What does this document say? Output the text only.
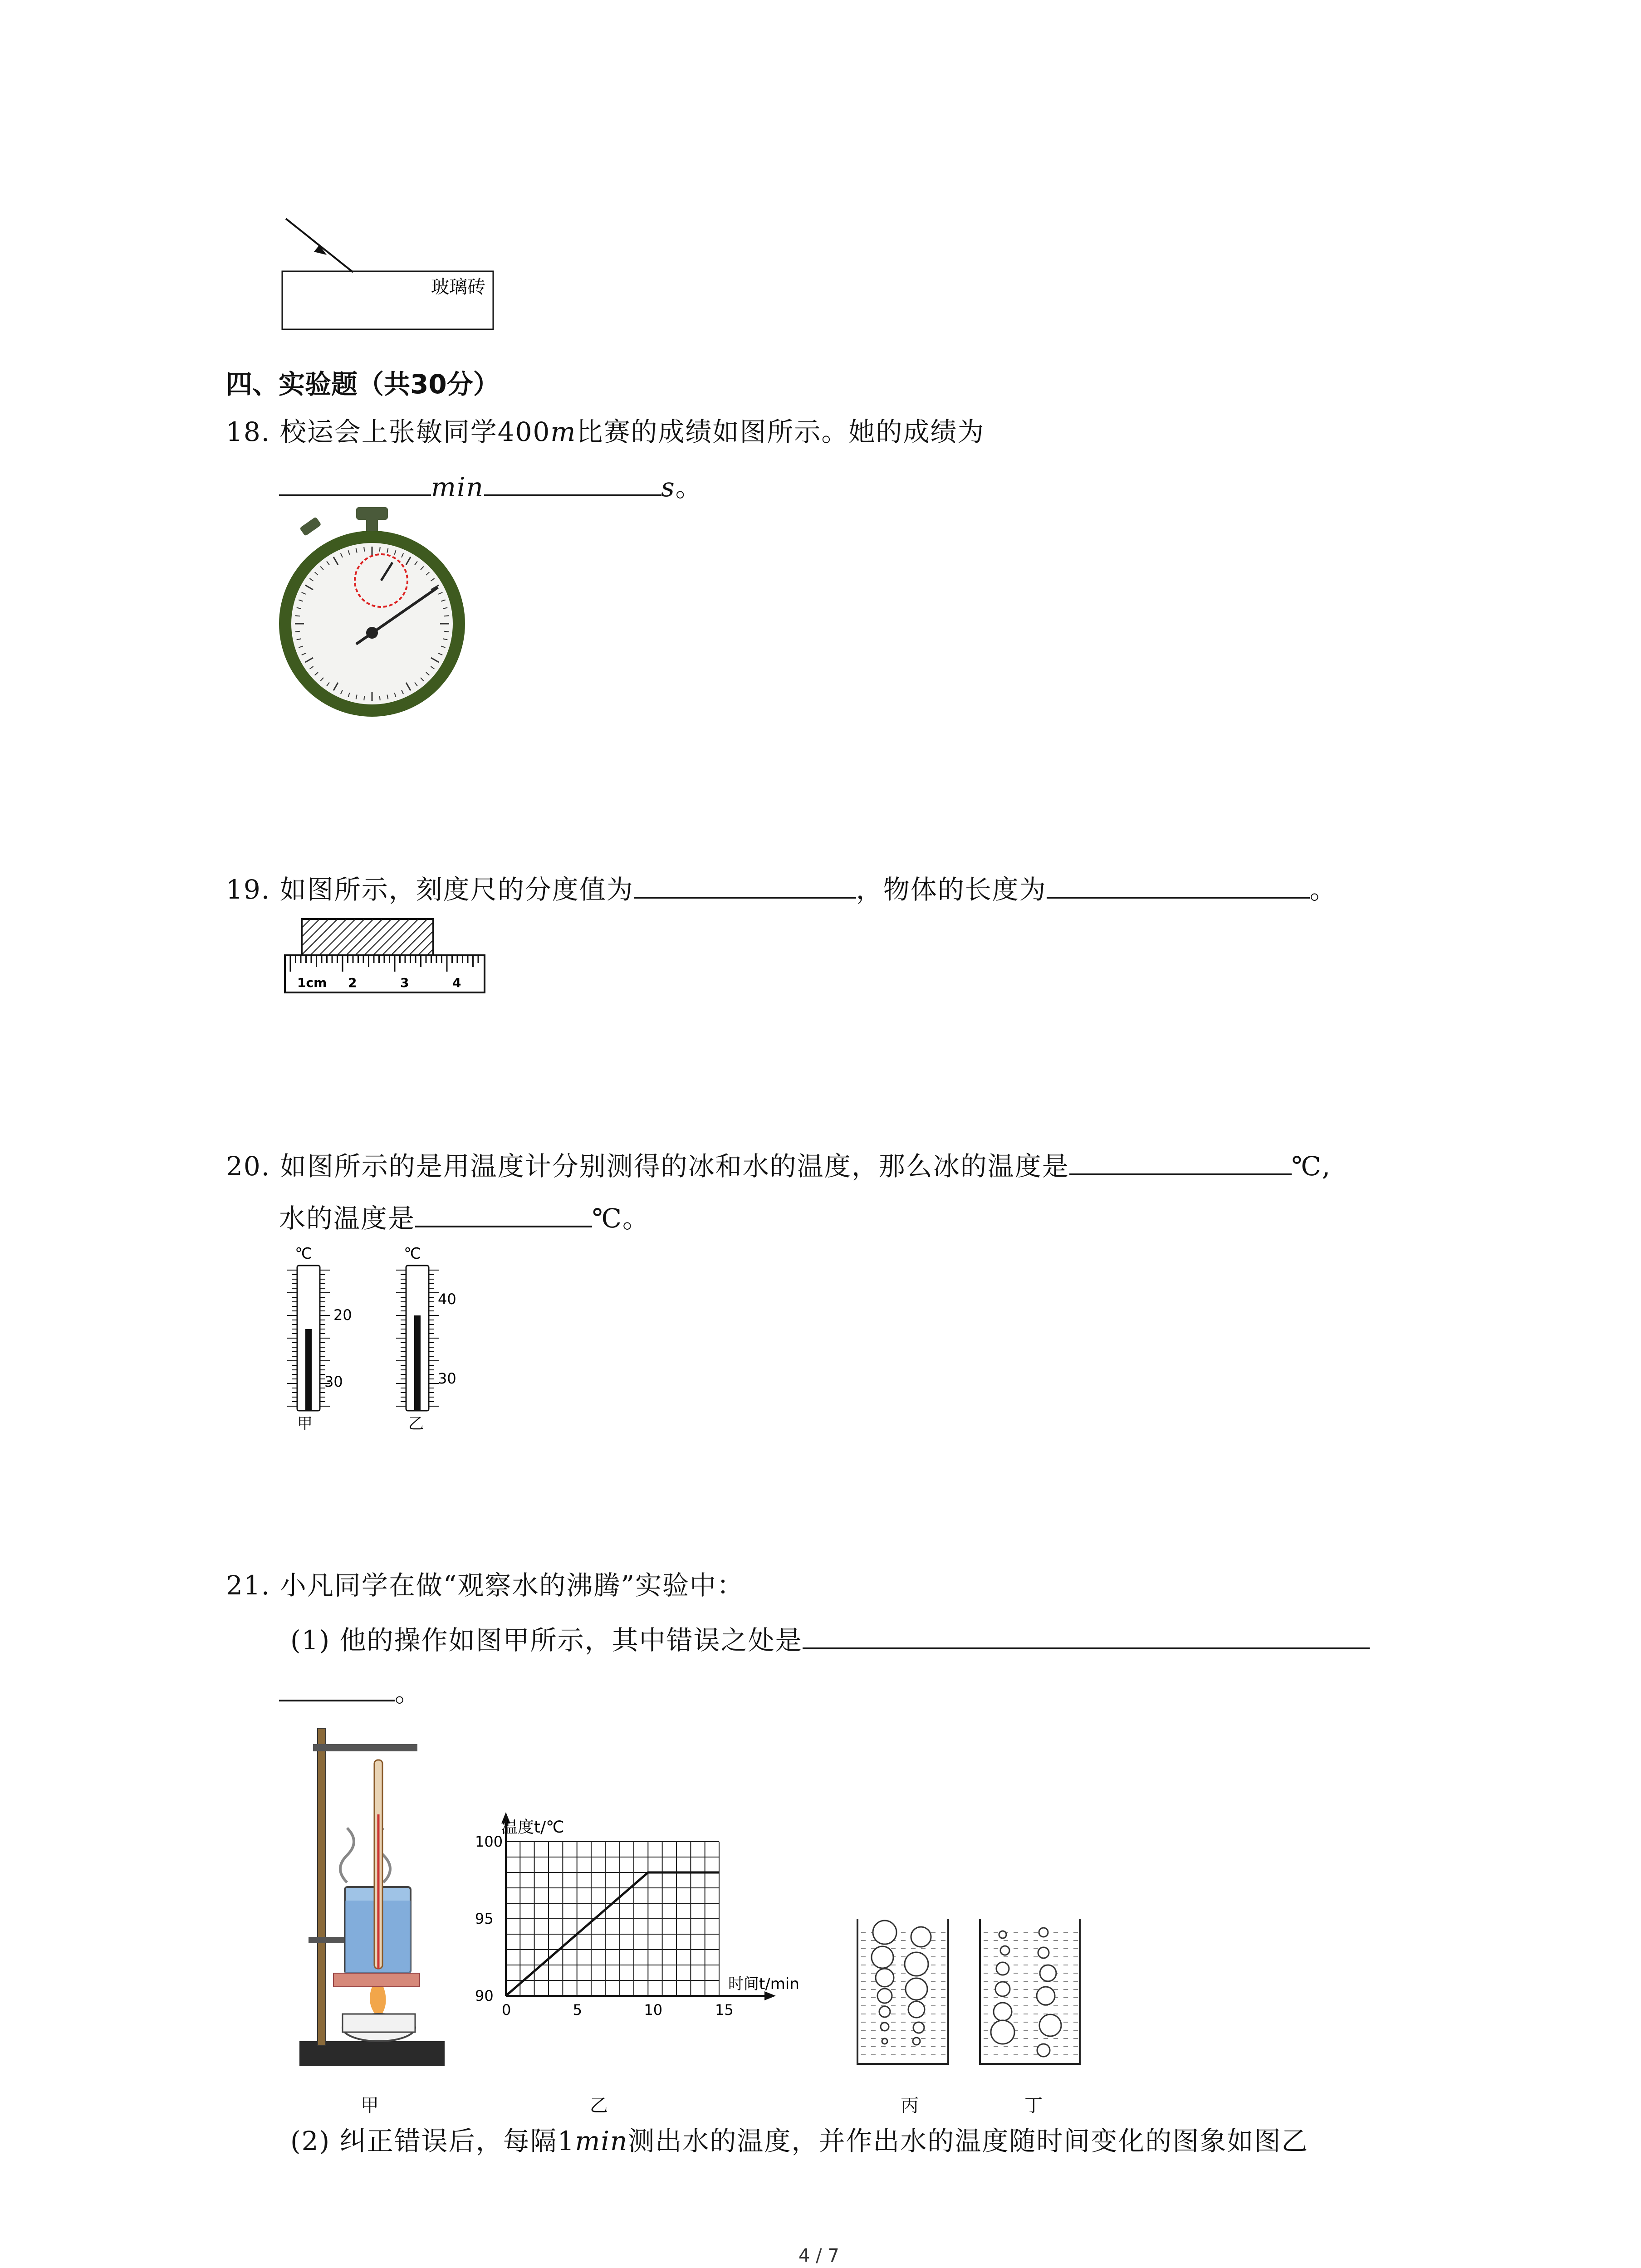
玻璃砖
四、实验题（共30分）
18. 校运会上张敏同学400m比赛的成绩如图所示。她的成绩为
min	s。
19. 如图所示，刻度尺的分度值为	，物体的长度为	。
1cm 2	3	4
20. 如图所示的是用温度计分别测得的冰和水的温度，那么冰的温度是	℃,
水的温度是	℃。
℃
20
30
甲
℃
40
30
乙
21. 小凡同学在做“观察水的沸腾”实验中：
(1) 他的操作如图甲所示，其中错误之处是
。
甲
温度t/℃
时间t/min
0	5	10	15
90
95
100
乙	丙	丁
(2) 纠正错误后，每隔1min测出水的温度，并作出水的温度随时间变化的图象如图乙
4 / 7
